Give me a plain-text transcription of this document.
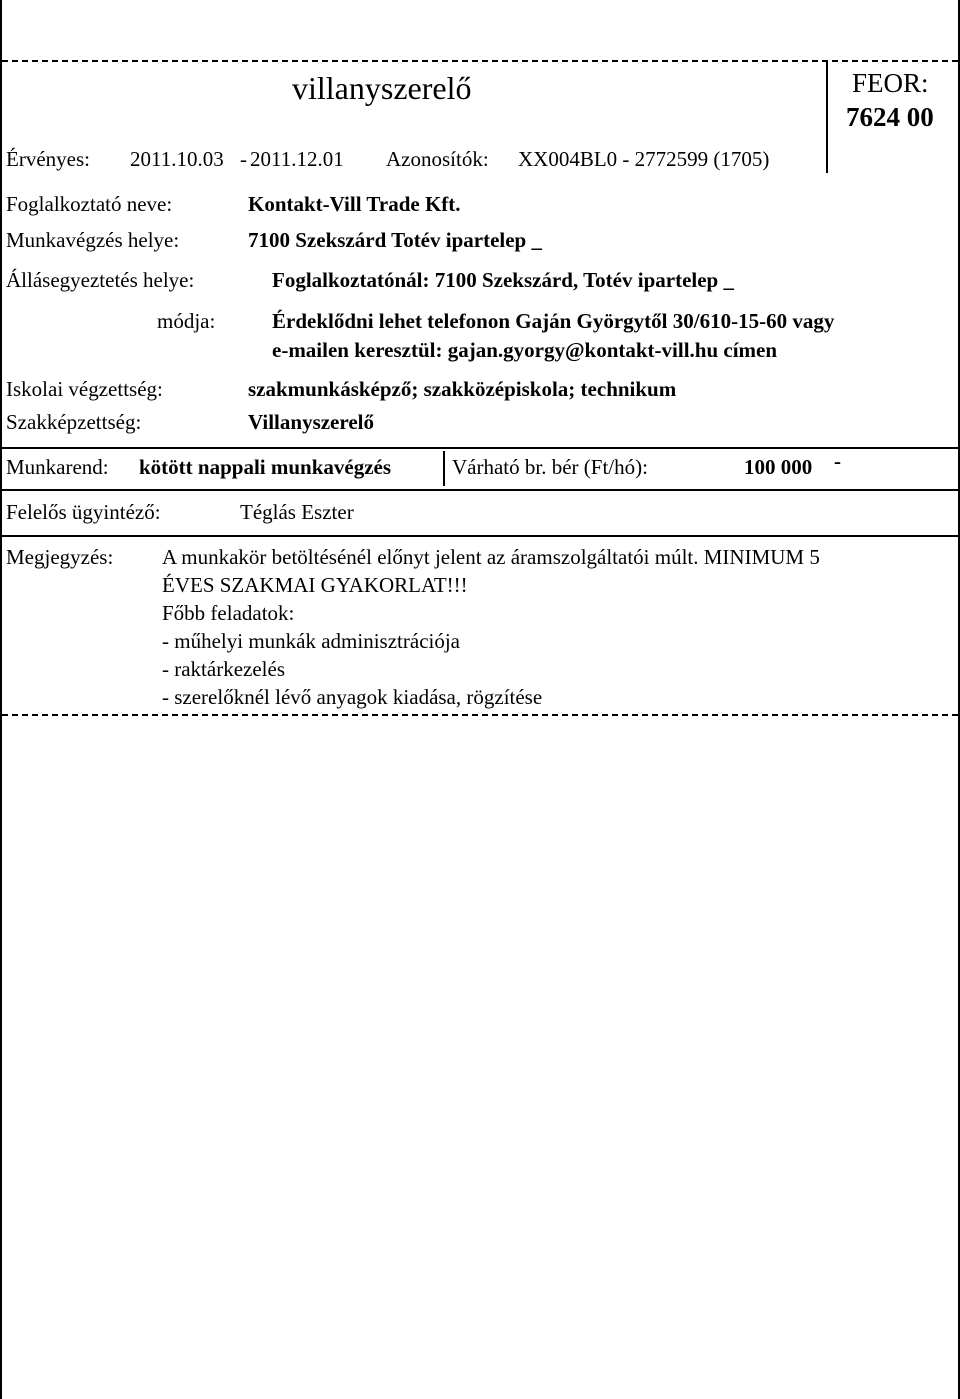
villanyszerelő	FEOR:
7624 00
Érvényes: 2011.10.03 - 2011.12.01 Azonosítók: XX004BL0 - 2772599 (1705)
Foglalkoztató neve:	Kontakt-Vill Trade Kft.
Munkavégzés helye:	7100 Szekszárd Totév ipartelep _
Állásegyeztetés helye:	Foglalkoztatónál: 7100 Szekszárd, Totév ipartelep _
módja:	Érdeklődni lehet telefonon Gaján Györgytől 30/610-15-60 vagy
e-mailen keresztül: gajan.gyorgy@kontakt-vill.hu címen
Iskolai végzettség:	szakmunkásképző; szakközépiskola; technikum
Szakképzettség:	Villanyszerelő
Munkarend: kötött nappali munkavégzés	Várható br. bér (Ft/hó):	100 000 -
Felelős ügyintéző:	Téglás Eszter
Megjegyzés: A munkakör betöltésénél előnyt jelent az áramszolgáltatói múlt. MINIMUM 5
ÉVES SZAKMAI GYAKORLAT!!!
Főbb feladatok:
- műhelyi munkák adminisztrációja
- raktárkezelés
- szerelőknél lévő anyagok kiadása, rögzítése
